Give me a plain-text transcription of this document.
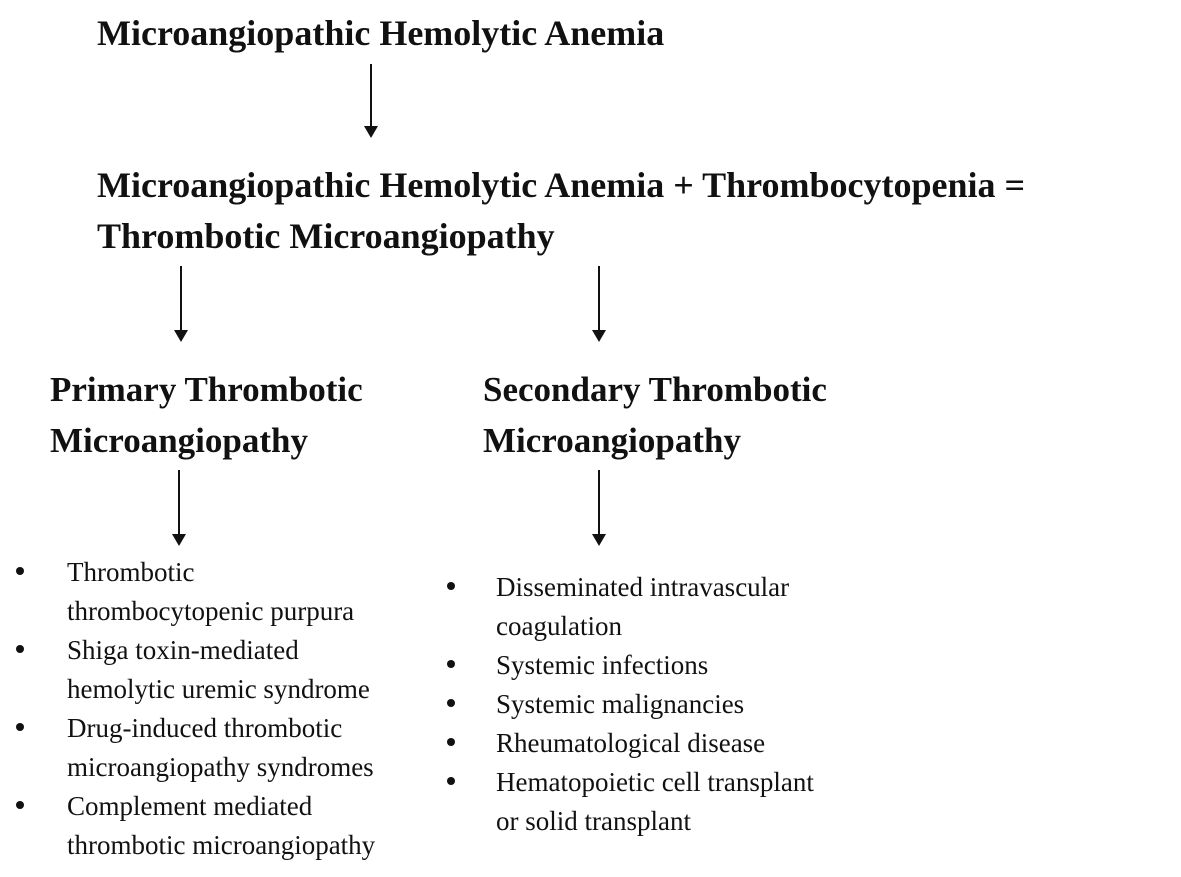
Microangiopathic Hemolytic Anemia
Microangiopathic Hemolytic Anemia + Thrombocytopenia =
Thrombotic Microangiopathy
Primary Thrombotic
Microangiopathy
Secondary Thrombotic
Microangiopathy
Thrombotic
thrombocytopenic purpura
Shiga toxin-mediated
hemolytic uremic syndrome
Drug-induced thrombotic
microangiopathy syndromes
Complement mediated
thrombotic microangiopathy
Disseminated intravascular
coagulation
Systemic infections
Systemic malignancies
Rheumatological disease
Hematopoietic cell transplant
or solid transplant
